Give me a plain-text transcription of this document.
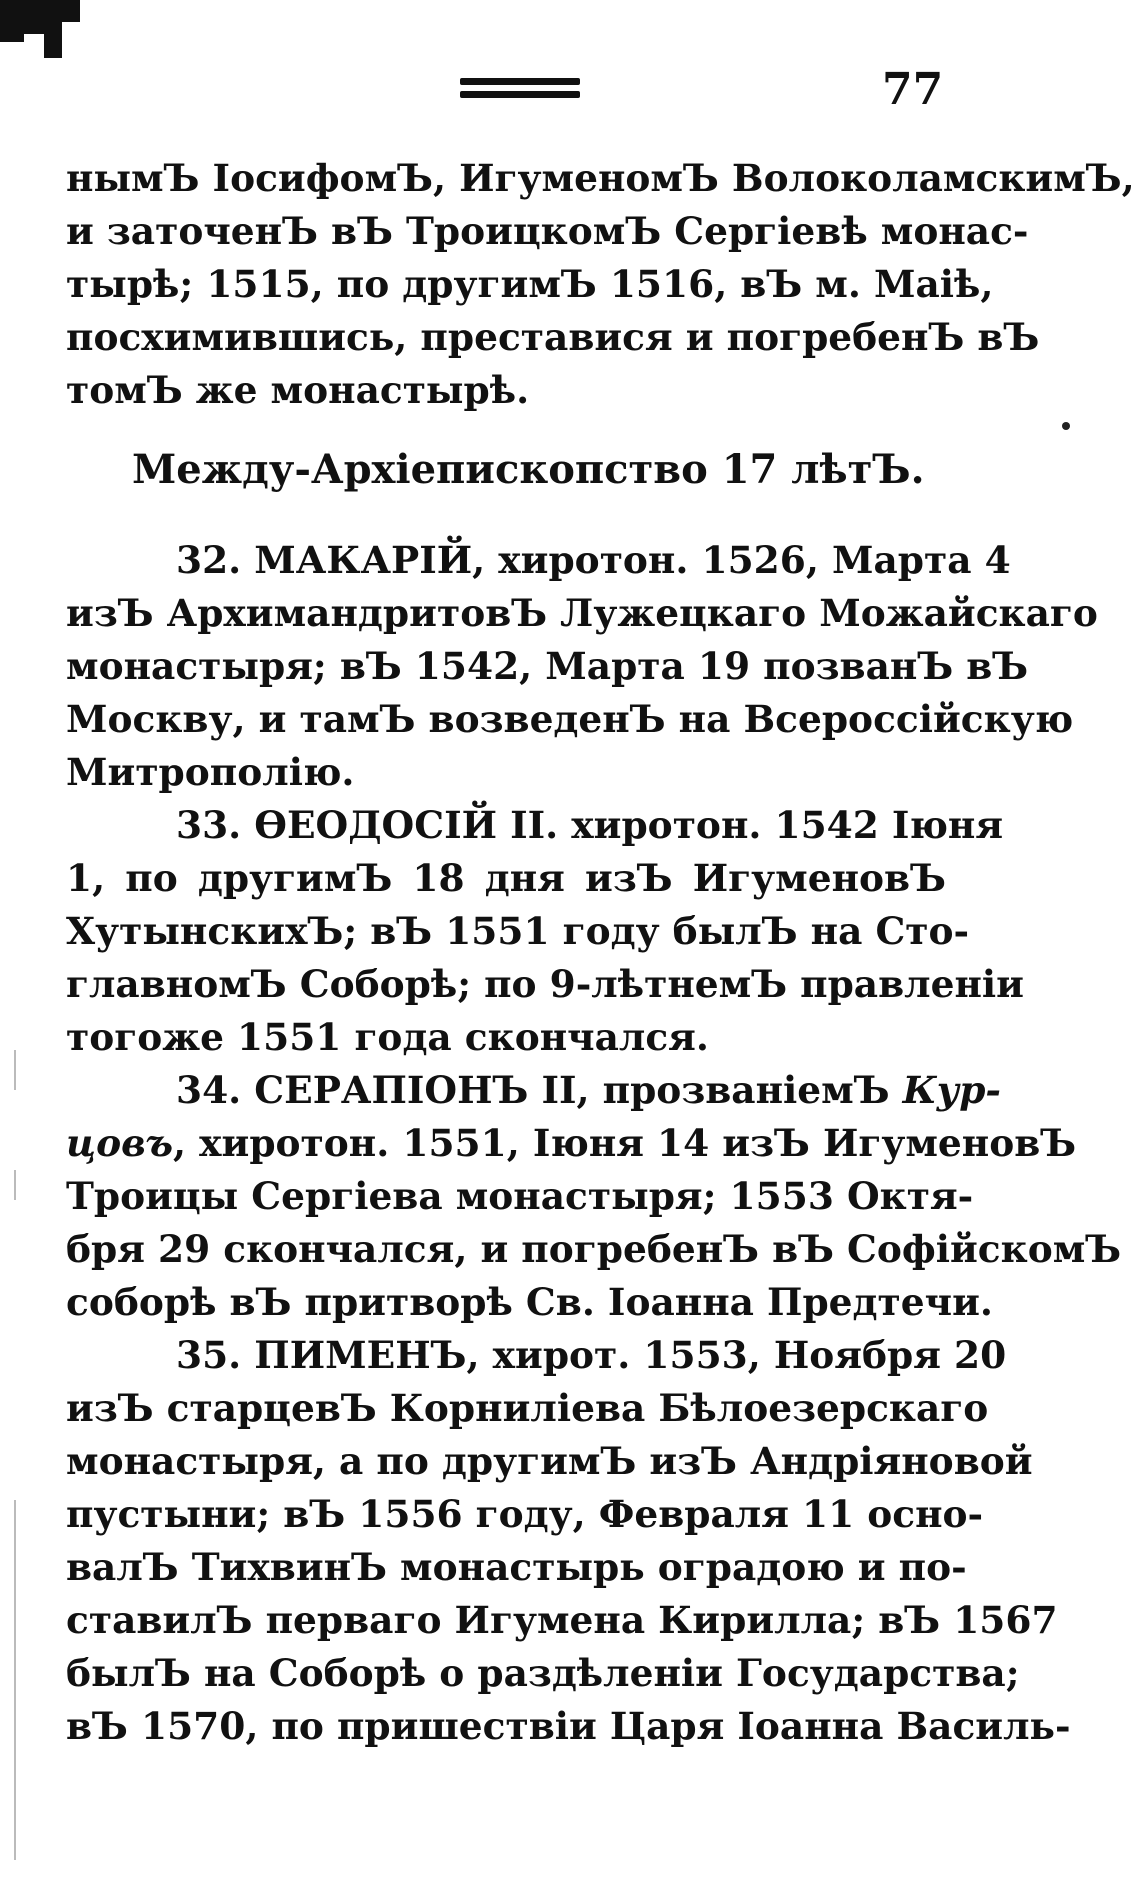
77
нымЪ ІосифомЪ, ИгуменомЪ ВолоколамскимЪ,
и заточенЪ вЪ ТроицкомЪ Сергіевѣ монас-
тырѣ; 1515, по другимЪ 1516, вЪ м. Маіѣ,
посхимившись, преставися и погребенЪ вЪ
томЪ же монастырѣ.
Между-Архіепископство 17 лѣтЪ.
32. МАКАРІЙ, хиротон. 1526, Марта 4
изЪ АрхимандритовЪ Лужецкаго Можайскаго
монастыря; вЪ 1542, Марта 19 позванЪ вЪ
Москву, и тамЪ возведенЪ на Всероссійскую
Митрополію.
33. ѲЕОДОСІЙ II. хиротон. 1542 Іюня
1, по другимЪ 18 дня изЪ ИгуменовЪ
ХутынскихЪ; вЪ 1551 году былЪ на Сто-
главномЪ Соборѣ; по 9-лѣтнемЪ правленіи
тогоже 1551 года скончался.
34. СЕРАПІОНЪ II, прозваніемЪ Кур-
цовъ, хиротон. 1551, Іюня 14 изЪ ИгуменовЪ
Троицы Сергіева монастыря; 1553 Октя-
бря 29 скончался, и погребенЪ вЪ СофійскомЪ
соборѣ вЪ притворѣ Св. Іоанна Предтечи.
35. ПИМЕНЪ, хирот. 1553, Ноября 20
изЪ старцевЪ Корниліева Бѣлоезерскаго
монастыря, а по другимЪ изЪ Андріяновой
пустыни; вЪ 1556 году, Февраля 11 осно-
валЪ ТихвинЪ монастырь оградою и по-
ставилЪ перваго Игумена Кирилла; вЪ 1567
былЪ на Соборѣ о раздѣленіи Государства;
вЪ 1570, по пришествіи Царя Іоанна Василь-
